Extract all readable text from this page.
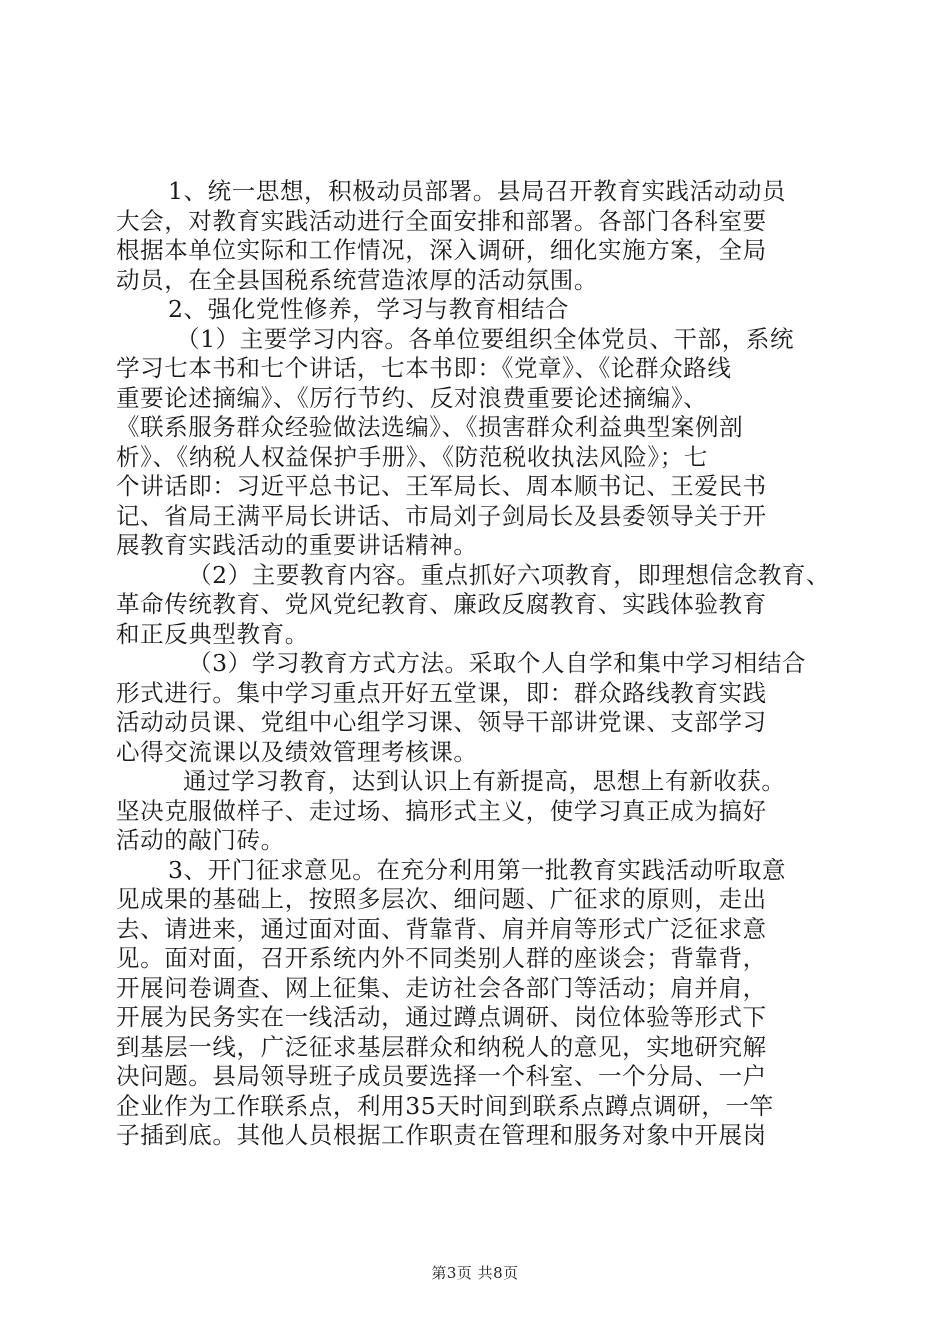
1、统一思想，积极动员部署。县局召开教育实践活动动员
大会，对教育实践活动进行全面安排和部署。各部门各科室要
根据本单位实际和工作情况，深入调研，细化实施方案，全局
动员，在全县国税系统营造浓厚的活动氛围。
2、强化党性修养，学习与教育相结合
（1）主要学习内容。各单位要组织全体党员、干部，系统
学习七本书和七个讲话，七本书即：《党章》、《论群众路线
重要论述摘编》、《厉行节约、反对浪费重要论述摘编》、
《联系服务群众经验做法选编》、《损害群众利益典型案例剖
析》、《纳税人权益保护手册》、《防范税收执法风险》；七
个讲话即：习近平总书记、王军局长、周本顺书记、王爱民书
记、省局王满平局长讲话、市局刘子剑局长及县委领导关于开
展教育实践活动的重要讲话精神。
（2）主要教育内容。重点抓好六项教育，即理想信念教育、
革命传统教育、党风党纪教育、廉政反腐教育、实践体验教育
和正反典型教育。
（3）学习教育方式方法。采取个人自学和集中学习相结合
形式进行。集中学习重点开好五堂课，即：群众路线教育实践
活动动员课、党组中心组学习课、领导干部讲党课、支部学习
心得交流课以及绩效管理考核课。
通过学习教育，达到认识上有新提高，思想上有新收获。
坚决克服做样子、走过场、搞形式主义，使学习真正成为搞好
活动的敲门砖。
3、开门征求意见。在充分利用第一批教育实践活动听取意
见成果的基础上，按照多层次、细问题、广征求的原则，走出
去、请进来，通过面对面、背靠背、肩并肩等形式广泛征求意
见。面对面，召开系统内外不同类别人群的座谈会；背靠背，
开展问卷调查、网上征集、走访社会各部门等活动；肩并肩，
开展为民务实在一线活动，通过蹲点调研、岗位体验等形式下
到基层一线，广泛征求基层群众和纳税人的意见，实地研究解
决问题。县局领导班子成员要选择一个科室、一个分局、一户
企业作为工作联系点，利用35天时间到联系点蹲点调研，一竿
子插到底。其他人员根据工作职责在管理和服务对象中开展岗
第3页 共8页
